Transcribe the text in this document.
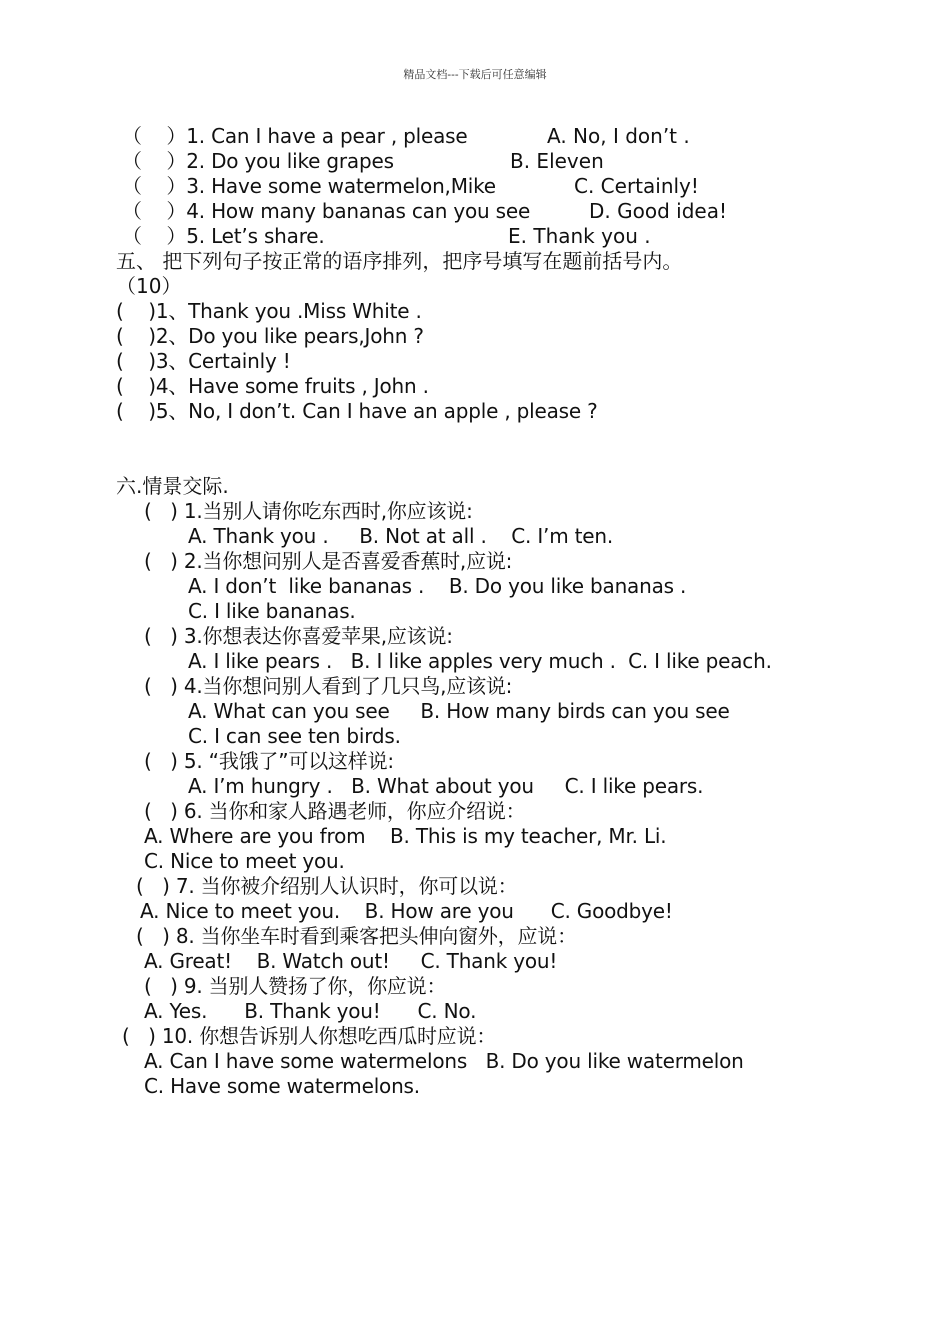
精品文档---下载后可任意编辑
（    ）1. Can I have a pear , please	A. No, I don’t .
（    ）2. Do you like grapes	B. Eleven
（    ）3. Have some watermelon,Mike	C. Certainly!
（    ）4. How many bananas can you see	D. Good idea!
（    ）5. Let’s share.	E. Thank you .
五、 把下列句子按正常的语序排列，把序号填写在题前括号内。
（10）
(    )1、Thank you .Miss White .
(    )2、Do you like pears,John ?
(    )3、Certainly !
(    )4、Have some fruits , John .
(    )5、No, I don’t. Can I have an apple , please ?
六.情景交际.
(   ) 1.当别人请你吃东西时,你应该说:
A. Thank you .     B. Not at all .    C. I’m ten.
(   ) 2.当你想问别人是否喜爱香蕉时,应说:
A. I don’t  like bananas .    B. Do you like bananas .
C. I like bananas.
(   ) 3.你想表达你喜爱苹果,应该说:
A. I like pears .   B. I like apples very much .  C. I like peach.
(   ) 4.当你想问别人看到了几只鸟,应该说:
A. What can you see     B. How many birds can you see
C. I can see ten birds.
(   ) 5. “我饿了”可以这样说:
A. I’m hungry .   B. What about you     C. I like pears.
(   ) 6. 当你和家人路遇老师，你应介绍说：
A. Where are you from    B. This is my teacher, Mr. Li.
C. Nice to meet you.
(   ) 7. 当你被介绍别人认识时，你可以说：
A. Nice to meet you.    B. How are you      C. Goodbye!
(   ) 8. 当你坐车时看到乘客把头伸向窗外，应说：
A. Great!    B. Watch out!     C. Thank you!
(   ) 9. 当别人赞扬了你，你应说：
A. Yes.      B. Thank you!      C. No.
(   ) 10. 你想告诉别人你想吃西瓜时应说：
A. Can I have some watermelons   B. Do you like watermelon
C. Have some watermelons.
